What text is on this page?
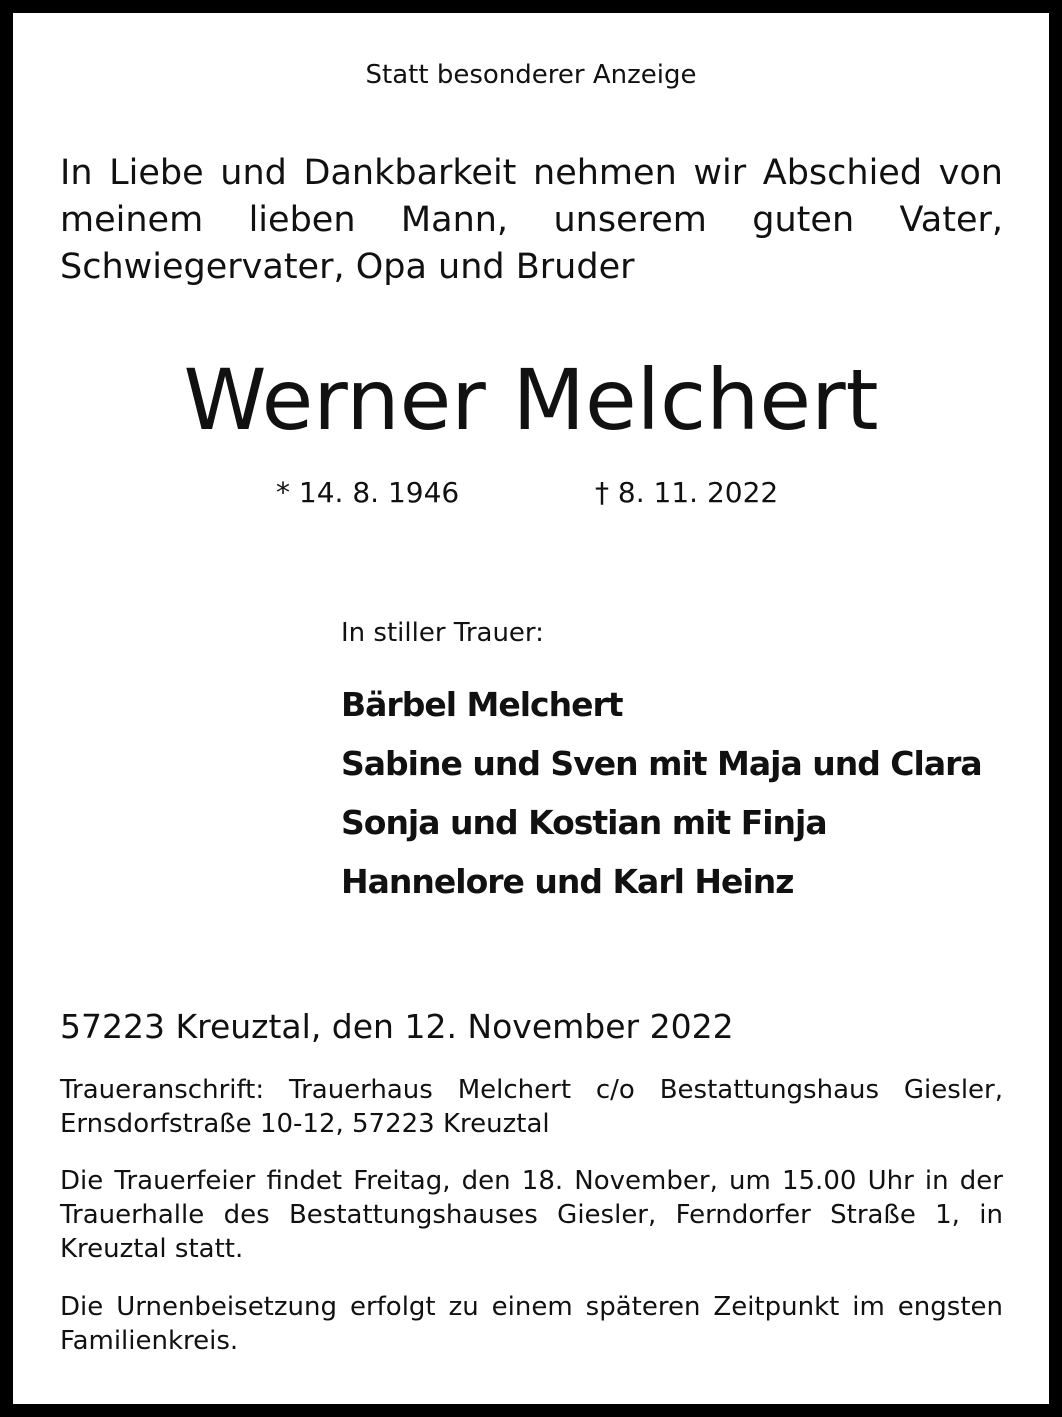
Statt besonderer Anzeige
In Liebe und Dankbarkeit nehmen wir Abschied von meinem lieben Mann, unserem guten Vater, Schwiegervater, Opa und Bruder
Werner Melchert
* 14. 8. 1946	† 8. 11. 2022
In stiller Trauer:
Bärbel Melchert
Sabine und Sven mit Maja und Clara
Sonja und Kostian mit Finja
Hannelore und Karl Heinz
57223 Kreuztal, den 12. November 2022
Traueranschrift: Trauerhaus Melchert c/o Bestattungshaus Giesler, Ernsdorfstraße 10-12, 57223 Kreuztal
Die Trauerfeier findet Freitag, den 18. November, um 15.00 Uhr in der Trauerhalle des Bestattungshauses Giesler, Ferndorfer Straße 1, in Kreuztal statt.
Die Urnenbeisetzung erfolgt zu einem späteren Zeitpunkt im engsten Familienkreis.
